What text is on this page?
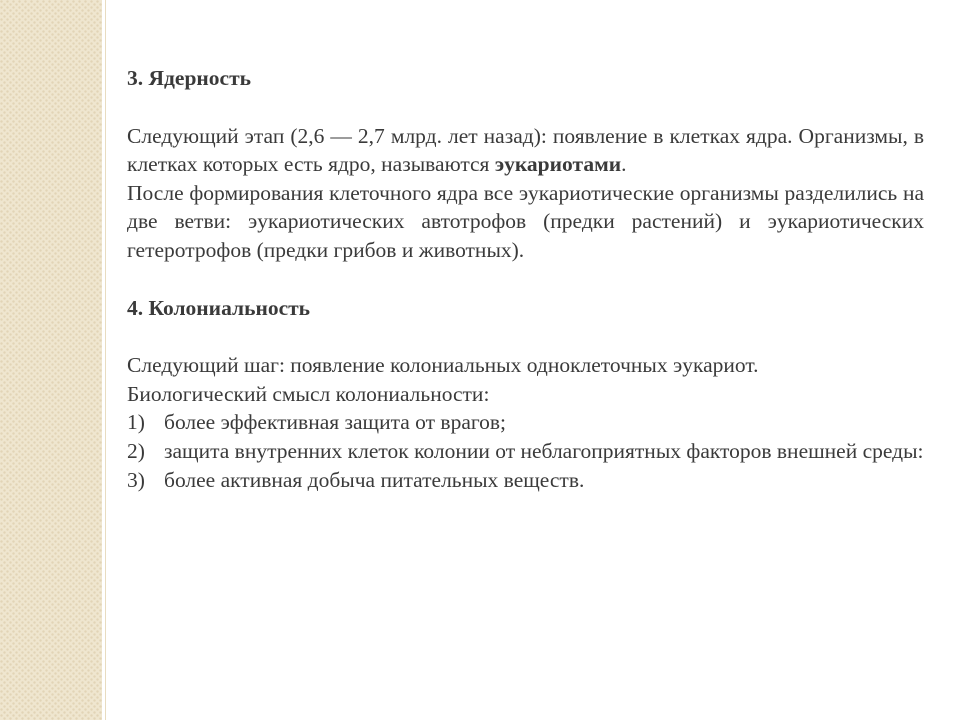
3. Ядерность

Следующий этап (2,6 — 2,7 млрд. лет назад): появление в клетках ядра. Организмы, в клетках которых есть ядро, называются эукариотами.

После формирования клеточного ядра все эукариотические организмы разделились на две ветви: эукариотических автотрофов (предки растений) и эукариотических гетеротрофов (предки грибов и животных).

4. Колониальность

Следующий шаг: появление колониальных одноклеточных эукариот.

Биологический смысл колониальности:

1) более эффективная защита от врагов;
2) защита внутренних клеток колонии от неблагоприятных факторов внешней среды:
3) более активная добыча питательных веществ.
